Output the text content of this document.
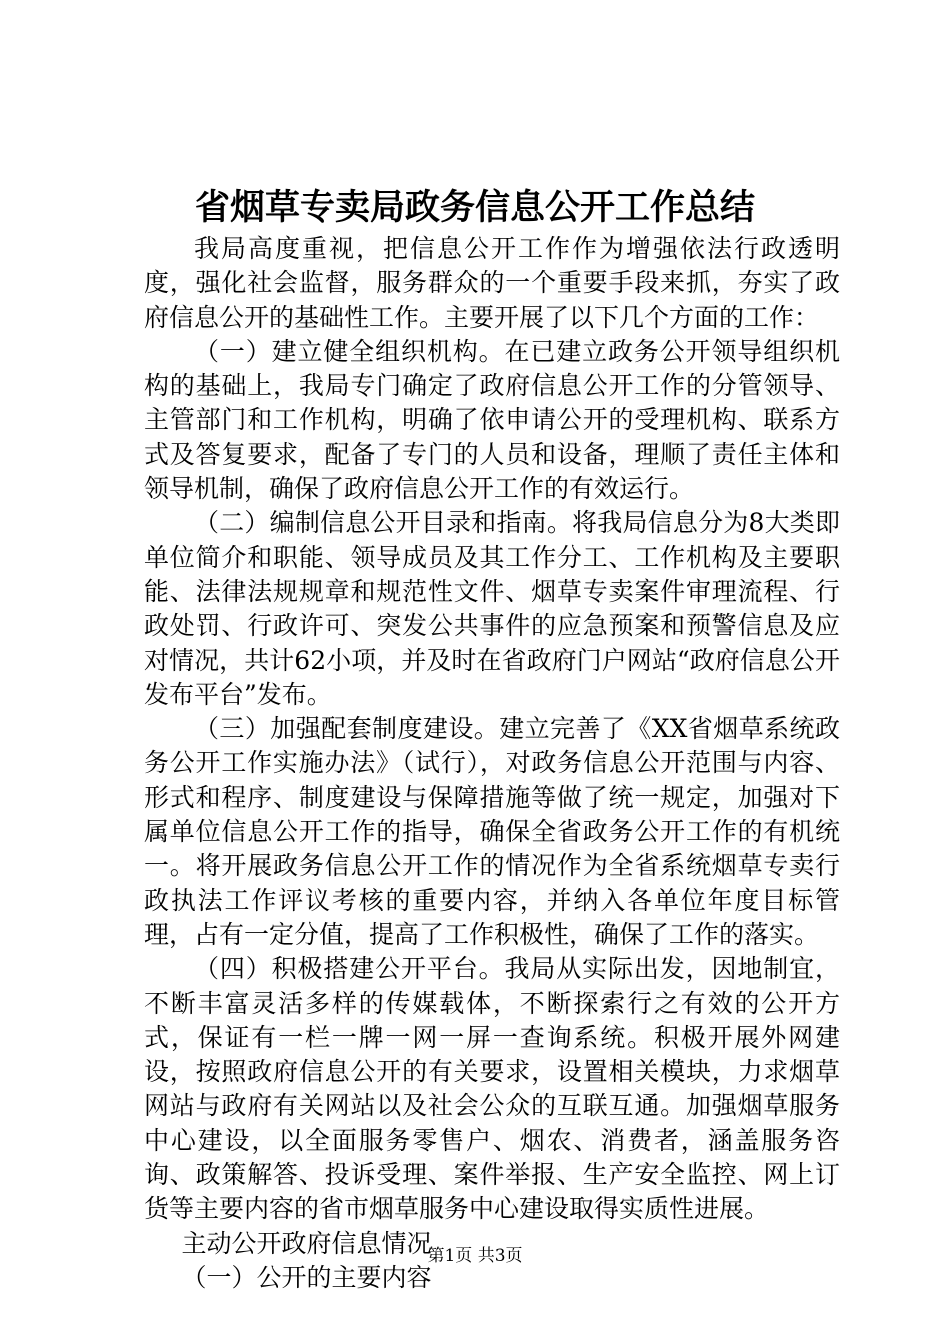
省烟草专卖局政务信息公开工作总结

我局高度重视，把信息公开工作作为增强依法行政透明度，强化社会监督，服务群众的一个重要手段来抓，夯实了政府信息公开的基础性工作。主要开展了以下几个方面的工作：

（一）建立健全组织机构。在已建立政务公开领导组织机构的基础上，我局专门确定了政府信息公开工作的分管领导、主管部门和工作机构，明确了依申请公开的受理机构、联系方式及答复要求，配备了专门的人员和设备，理顺了责任主体和领导机制，确保了政府信息公开工作的有效运行。

（二）编制信息公开目录和指南。将我局信息分为8大类即单位简介和职能、领导成员及其工作分工、工作机构及主要职能、法律法规规章和规范性文件、烟草专卖案件审理流程、行政处罚、行政许可、突发公共事件的应急预案和预警信息及应对情况，共计62小项，并及时在省政府门户网站“政府信息公开发布平台”发布。

（三）加强配套制度建设。建立完善了《XX省烟草系统政务公开工作实施办法》（试行），对政务信息公开范围与内容、形式和程序、制度建设与保障措施等做了统一规定，加强对下属单位信息公开工作的指导，确保全省政务公开工作的有机统一。将开展政务信息公开工作的情况作为全省系统烟草专卖行政执法工作评议考核的重要内容，并纳入各单位年度目标管理，占有一定分值，提高了工作积极性，确保了工作的落实。

（四）积极搭建公开平台。我局从实际出发，因地制宜，不断丰富灵活多样的传媒载体，不断探索行之有效的公开方式，保证有一栏一牌一网一屏一查询系统。积极开展外网建设，按照政府信息公开的有关要求，设置相关模块，力求烟草网站与政府有关网站以及社会公众的互联互通。加强烟草服务中心建设，以全面服务零售户、烟农、消费者，涵盖服务咨询、政策解答、投诉受理、案件举报、生产安全监控、网上订货等主要内容的省市烟草服务中心建设取得实质性进展。

主动公开政府信息情况

（一）公开的主要内容

第1页 共3页
